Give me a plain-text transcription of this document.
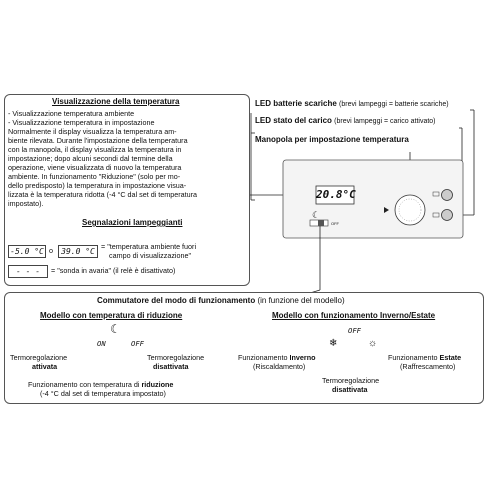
Visualizzazione della temperatura
- Visualizzazione temperatura ambiente
- Visualizzazione temperatura in impostazione
Normalmente il display visualizza la temperatura am-
biente rilevata. Durante l'impostazione della temperatura
con la manopola, il display visualizza la temperatura in
impostazione; dopo alcuni secondi dal termine della
operazione, viene visualizzata di nuovo la temperatura
ambiente. In funzionamento "Riduzione" (solo per mo-
dello predisposto) la temperatura in impostazione visua-
lizzata è la temperatura ridotta (-4 °C dal set di temperatura
impostato).
Segnalazioni lampeggianti
-5.0 °C o	39.0 °C
= "temperatura ambiente fuori
campo di visualizzazione"
- - -	= "sonda in avaria" (il relè è disattivato)
LED batterie scariche (brevi lampeggi = batterie scariche)
LED stato del carico (brevi lampeggi = carico attivato)
Manopola per impostazione temperatura
20.8°C
☾
OFF
Commutatore del modo di funzionamento (in funzione del modello)
Modello con temperatura di riduzione
☾
ON	OFF
Termoregolazione
attivata
Termoregolazione
disattivata
Funzionamento con temperatura di riduzione
(-4 °C dal set di temperatura impostato)
Modello con funzionamento Inverno/Estate
OFF
❄	☼
Funzionamento Inverno
(Riscaldamento)
Funzionamento Estate
(Raffrescamento)
Termoregolazione
disattivata
